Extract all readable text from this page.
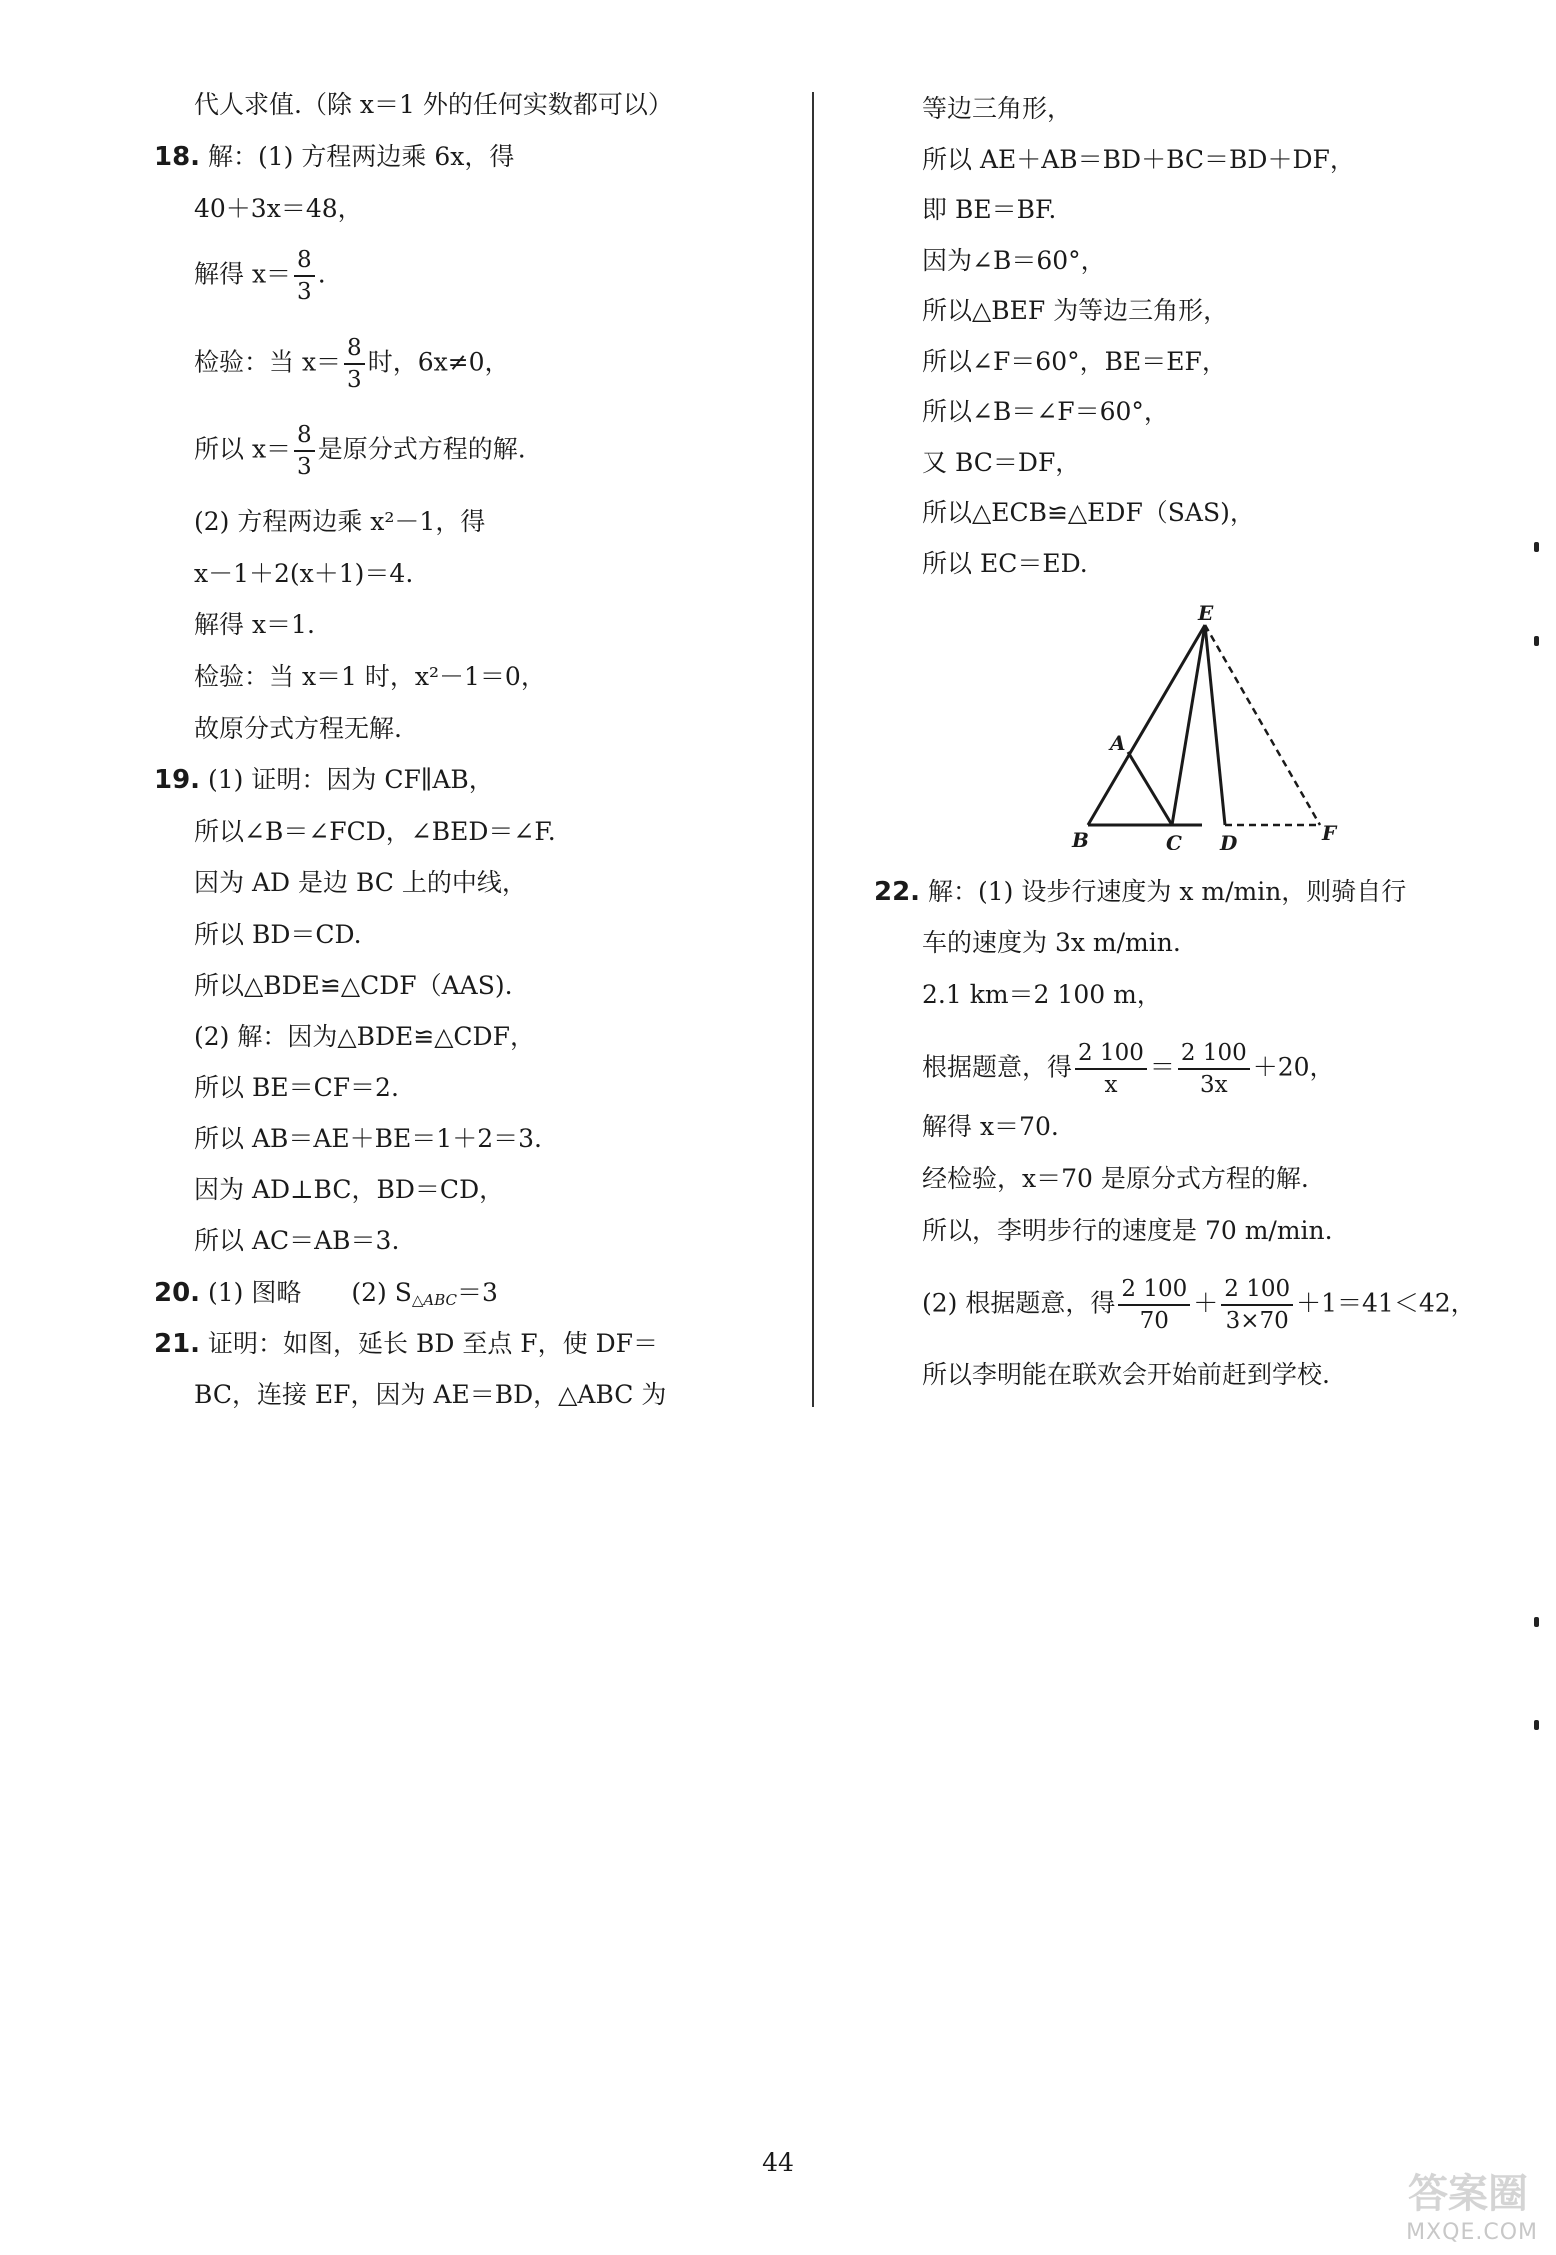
代人求值.（除 x＝1 外的任何实数都可以）
18. 解：(1) 方程两边乘 6x，得
40＋3x＝48，
解得 $x= \frac{8}{3}$ .
检验：当 $x= \frac{8}{3}$ 时，6x≠0，
所以 $x= \frac{8}{3}$ 是原分式方程的解.
(2) 方程两边乘 x²－1，得
x－1＋2(x＋1)＝4.
解得 x＝1.
检验：当 x＝1 时，x²－1＝0，
故原分式方程无解.
19. (1) 证明：因为 CF∥AB，
所以∠B＝∠FCD，∠BED＝∠F.
因为 AD 是边 BC 上的中线，
所以 BD＝CD.
所以△BDE≌△CDF（AAS).
(2) 解：因为△BDE≌△CDF，
所以 BE＝CF＝2.
所以 AB＝AE＋BE＝1＋2＝3.
因为 AD⊥BC，BD＝CD，
所以 AC＝AB＝3.
20. (1) 图略　　(2) $S_{\triangle ABC}=3$
21. 证明：如图，延长 BD 至点 F，使 DF＝
BC，连接 EF，因为 AE＝BD，△ABC 为
等边三角形，
所以 AE＋AB＝BD＋BC＝BD＋DF，
即 BE＝BF.
因为∠B＝60°，
所以△BEF 为等边三角形，
所以∠F＝60°，BE＝EF，
所以∠B＝∠F＝60°，
又 BC＝DF，
所以△ECB≌△EDF（SAS)，
所以 EC＝ED.
E
A
B	C D	F
22. 解：(1) 设步行速度为 x m/min，则骑自行
车的速度为 3x m/min.
2.1 km＝2 100 m，
根据题意，得 $\frac{2 100}{x} = \frac{2 100}{3x} +20$，
解得 x＝70.
经检验，x＝70 是原分式方程的解.
所以，李明步行的速度是 70 m/min.
(2) 根据题意，得 $\frac{2 100}{70} + \frac{2 100}{3\times 70} +1=41<42$，
所以李明能在联欢会开始前赶到学校.
44
答案圈
MXQE.COM
